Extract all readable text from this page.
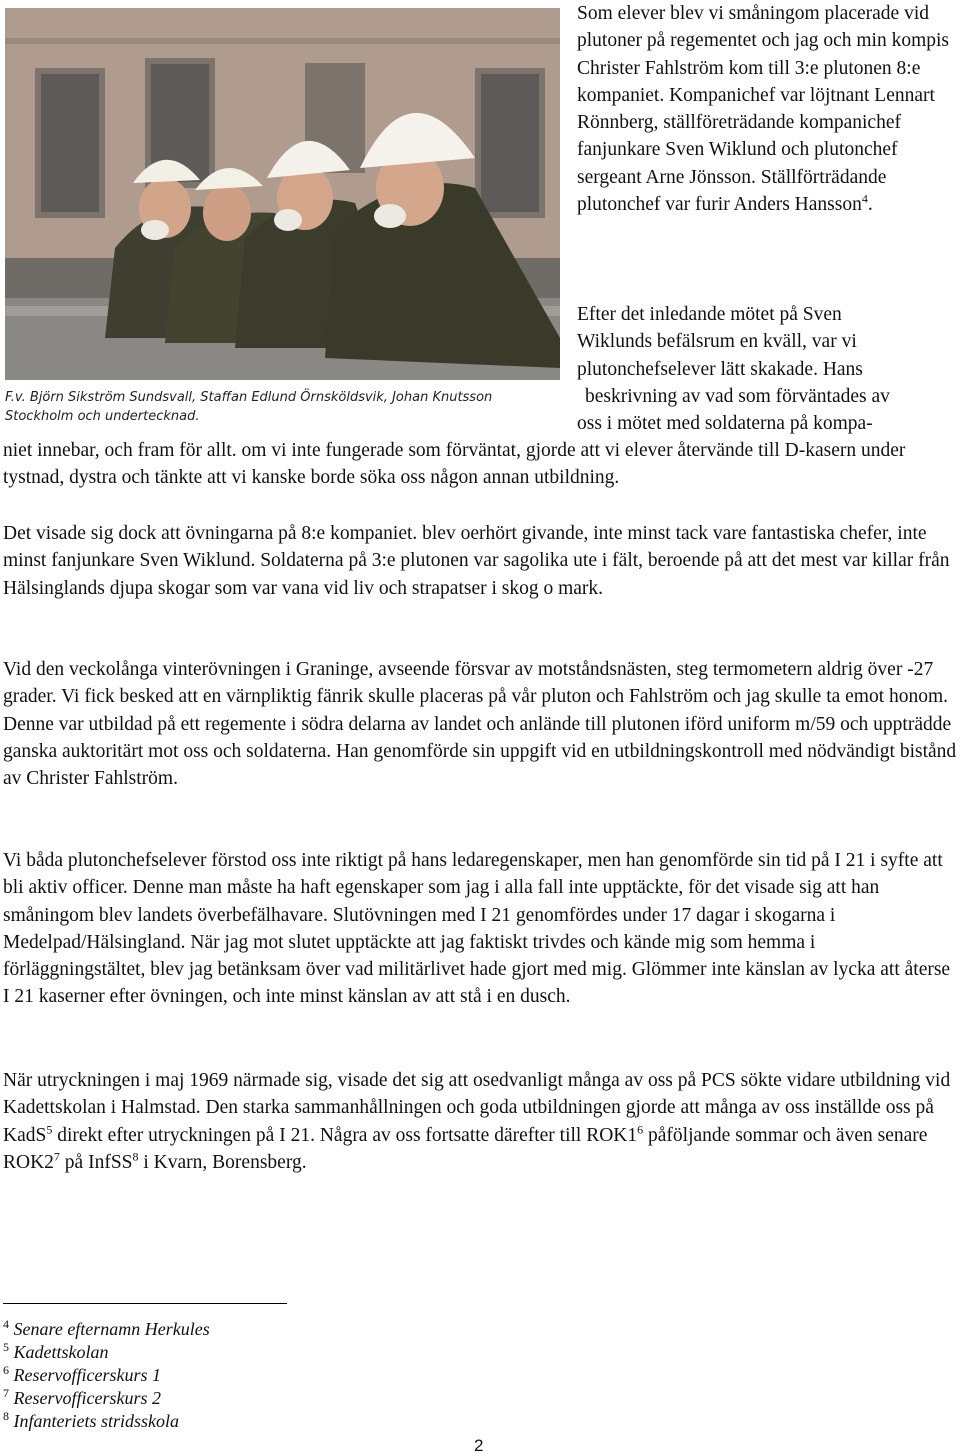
F.v. Björn Sikström Sundsvall, Staffan Edlund Örnsköldsvik, Johan Knutsson Stockholm och undertecknad.

Som elever blev vi småningom placerade vid plutoner på regementet och jag och min kompis Christer Fahlström kom till 3:e plutonen 8:e kompaniet. Kompanichef var löjtnant Lennart Rönnberg, ställföreträdande kompanichef fanjunkare Sven Wiklund och plutonchef sergeant Arne Jönsson. Ställförträdande plutonchef var furir Anders Hansson$^4$.

Efter det inledande mötet på Sven
Wiklunds befälsrum en kväll, var vi
plutonchefselever lätt skakade. Hans
beskrivning av vad som förväntades av
oss i mötet med soldaterna på kompa-

niet innebar, och fram för allt. om vi inte fungerade som förväntat, gjorde att vi elever återvände till D-kasern under tystnad, dystra och tänkte att vi kanske borde söka oss någon annan utbildning.

Det visade sig dock att övningarna på 8:e kompaniet. blev oerhört givande, inte minst tack vare fantastiska chefer, inte minst fanjunkare Sven Wiklund. Soldaterna på 3:e plutonen var sagolika ute i fält, beroende på att det mest var killar från Hälsinglands djupa skogar som var vana vid liv och strapatser i skog o mark.

Vid den veckolånga vinterövningen i Graninge, avseende försvar av motståndsnästen, steg termometern aldrig över -27 grader. Vi fick besked att en värnpliktig fänrik skulle placeras på vår pluton och Fahlström och jag skulle ta emot honom. Denne var utbildad på ett regemente i södra delarna av landet och anlände till plutonen iförd uniform m/59 och uppträdde ganska auktoritärt mot oss och soldaterna. Han genomförde sin uppgift vid en utbildningskontroll med nödvändigt bistånd av Christer Fahlström.

Vi båda plutonchefselever förstod oss inte riktigt på hans ledaregenskaper, men han genomförde sin tid på I 21 i syfte att bli aktiv officer. Denne man måste ha haft egenskaper som jag i alla fall inte upptäckte, för det visade sig att han småningom blev landets överbefälhavare. Slutövningen med I 21 genomfördes under 17 dagar i skogarna i Medelpad/Hälsingland. När jag mot slutet upptäckte att jag faktiskt trivdes och kände mig som hemma i förläggningstältet, blev jag betänksam över vad militärlivet hade gjort med mig. Glömmer inte känslan av lycka att återse I 21 kaserner efter övningen, och inte minst känslan av att stå i en dusch.

När utryckningen i maj 1969 närmade sig, visade det sig att osedvanligt många av oss på PCS sökte vidare utbildning vid Kadettskolan i Halmstad. Den starka sammanhållningen och goda utbildningen gjorde att många av oss inställde oss på KadS$^5$ direkt efter utryckningen på I 21. Några av oss fortsatte därefter till $ROK1^6$ påföljande sommar och även senare $ROK2^7$ på InfSS$^8$ i Kvarn, Borensberg.

$^4$ Senare efternamn Herkules
$^5$ Kadettskolan
$^6$ Reservofficerskurs 1
$^7$ Reservofficerskurs 2
$^8$ Infanteriets stridsskola
2
